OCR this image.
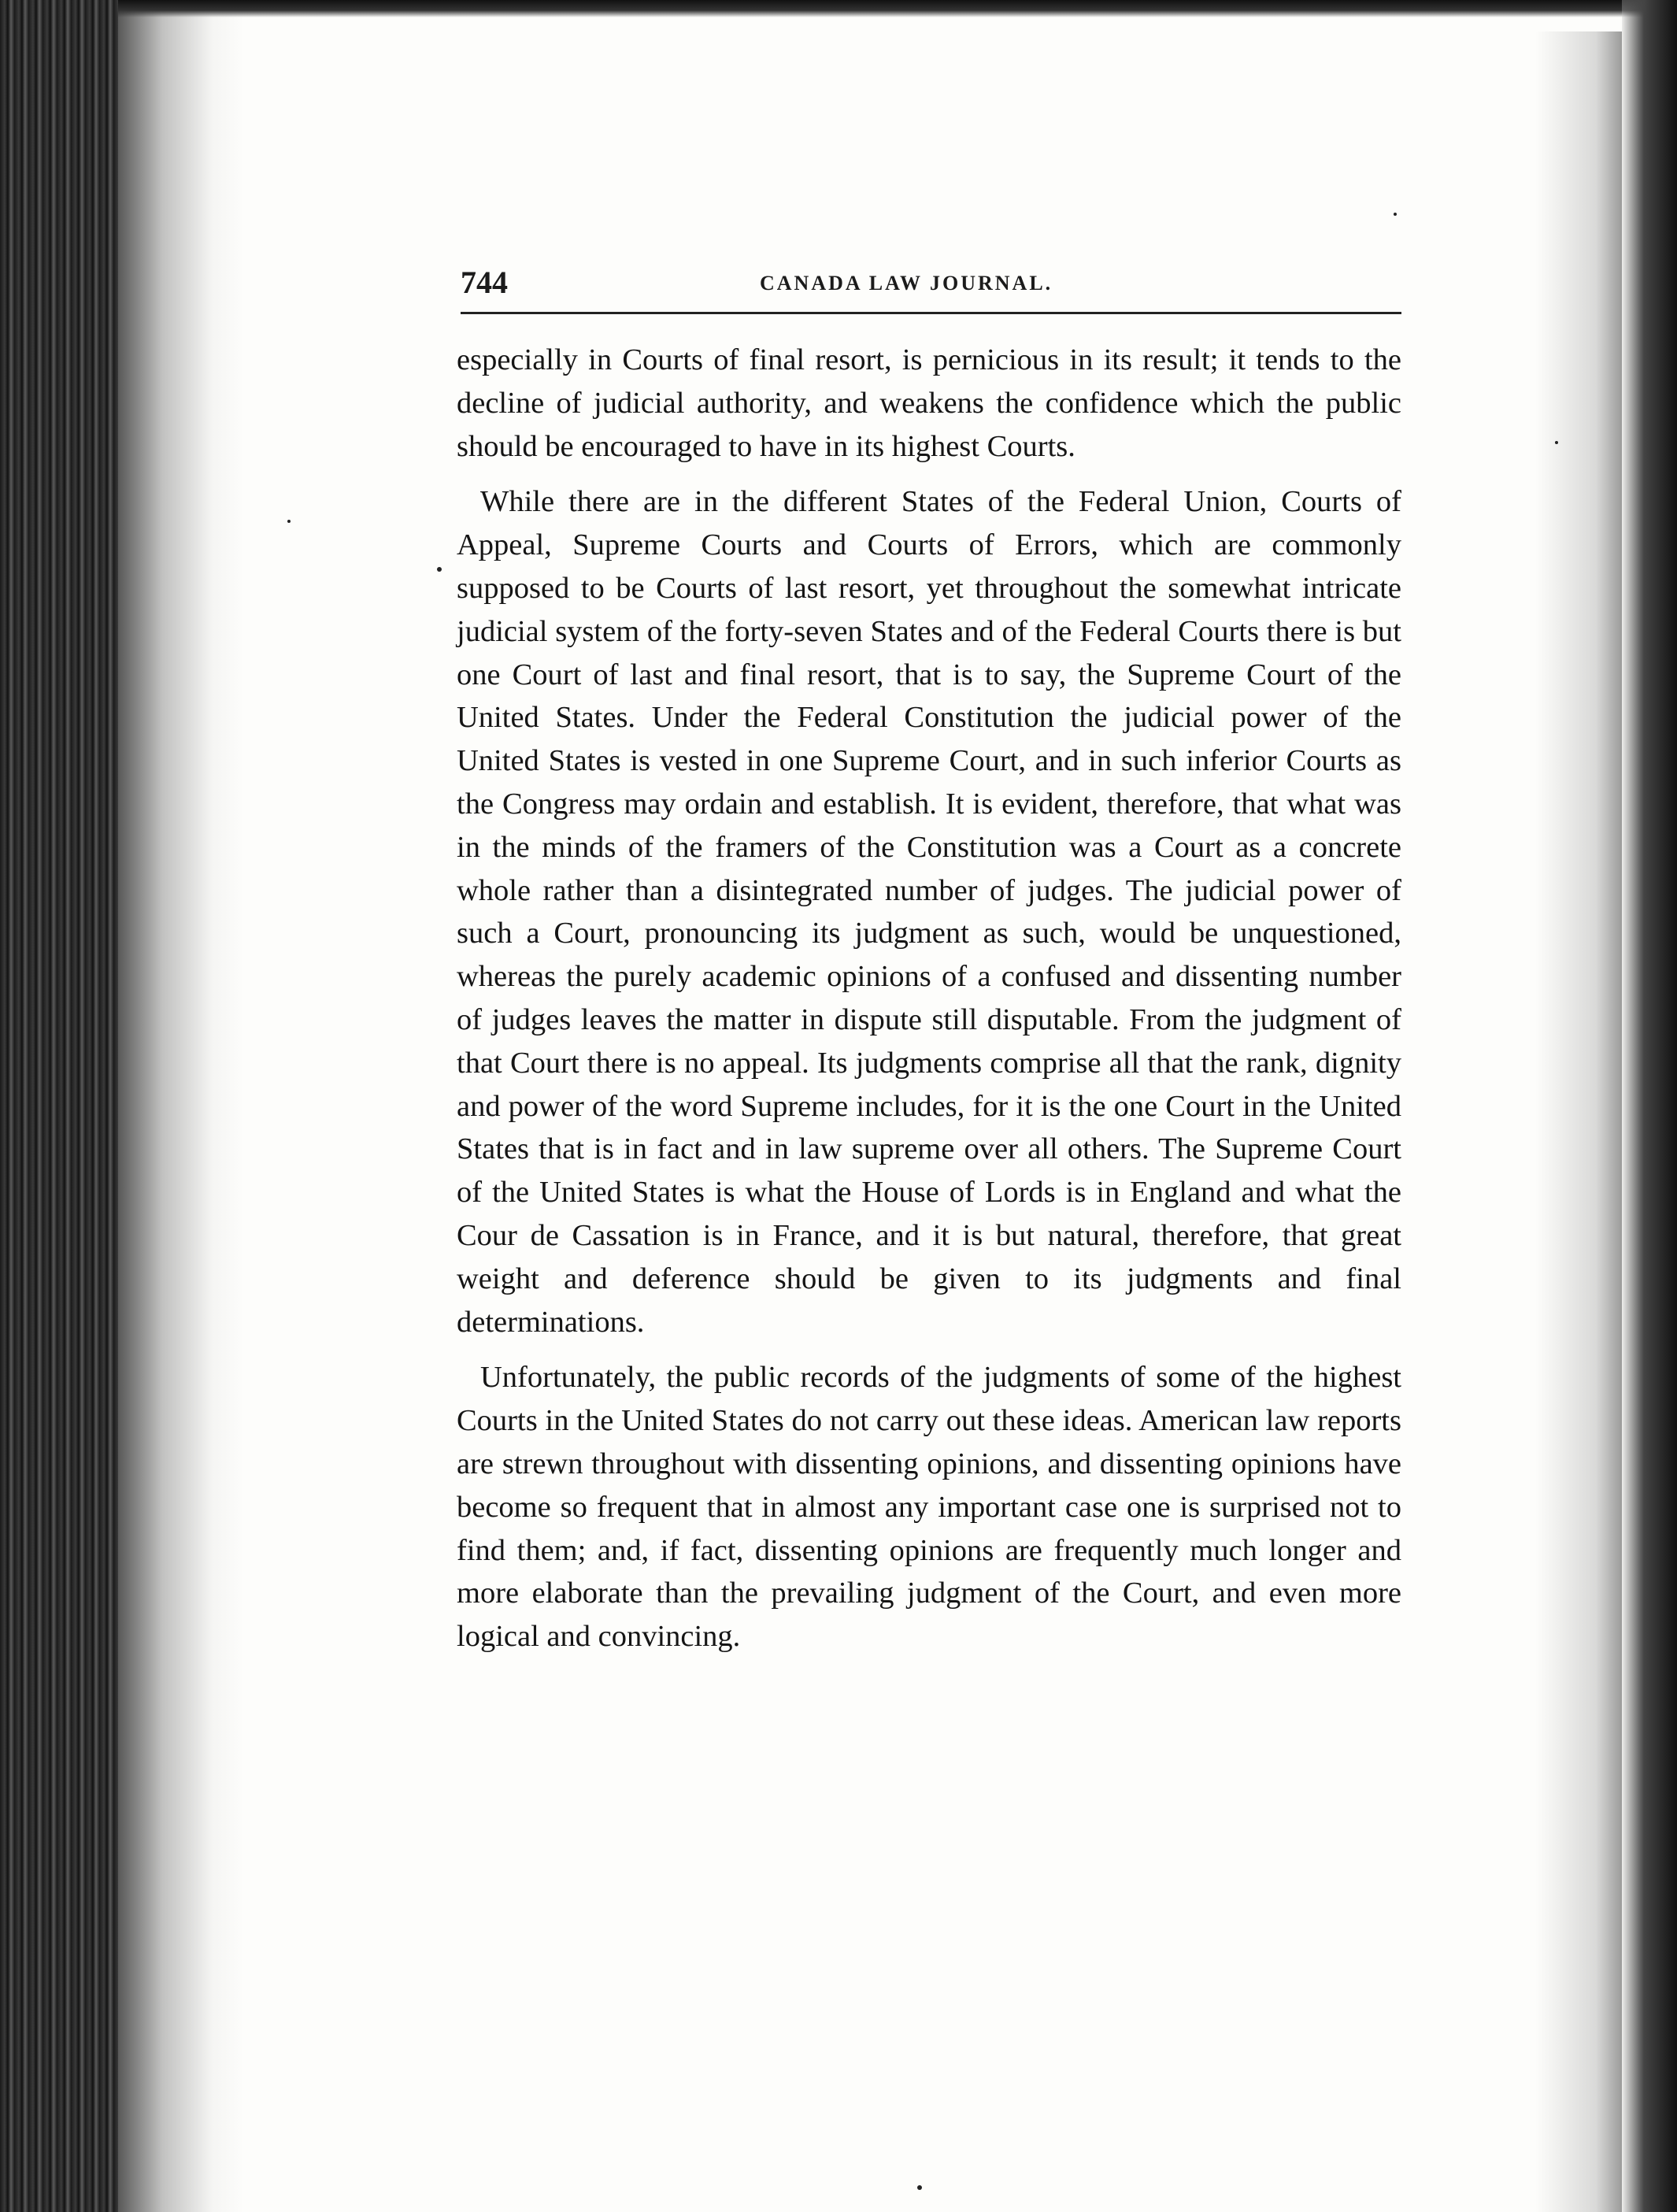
744	CANADA LAW JOURNAL.

especially in Courts of final resort, is pernicious in its result; it tends to the decline of judicial authority, and weakens the confidence which the public should be encouraged to have in its highest Courts.

While there are in the different States of the Federal Union, Courts of Appeal, Supreme Courts and Courts of Errors, which are commonly supposed to be Courts of last resort, yet throughout the somewhat intricate judicial system of the forty-seven States and of the Federal Courts there is but one Court of last and final resort, that is to say, the Supreme Court of the United States. Under the Federal Constitution the judicial power of the United States is vested in one Supreme Court, and in such inferior Courts as the Congress may ordain and establish. It is evident, therefore, that what was in the minds of the framers of the Constitution was a Court as a concrete whole rather than a disintegrated number of judges. The judicial power of such a Court, pronouncing its judgment as such, would be unquestioned, whereas the purely academic opinions of a confused and dissenting number of judges leaves the matter in dispute still disputable. From the judgment of that Court there is no appeal. Its judgments comprise all that the rank, dignity and power of the word Supreme includes, for it is the one Court in the United States that is in fact and in law supreme over all others. The Supreme Court of the United States is what the House of Lords is in England and what the Cour de Cassation is in France, and it is but natural, therefore, that great weight and deference should be given to its judgments and final determinations.

Unfortunately, the public records of the judgments of some of the highest Courts in the United States do not carry out these ideas. American law reports are strewn throughout with dissenting opinions, and dissenting opinions have become so frequent that in almost any important case one is surprised not to find them; and, if fact, dissenting opinions are frequently much longer and more elaborate than the prevailing judgment of the Court, and even more logical and convincing.
